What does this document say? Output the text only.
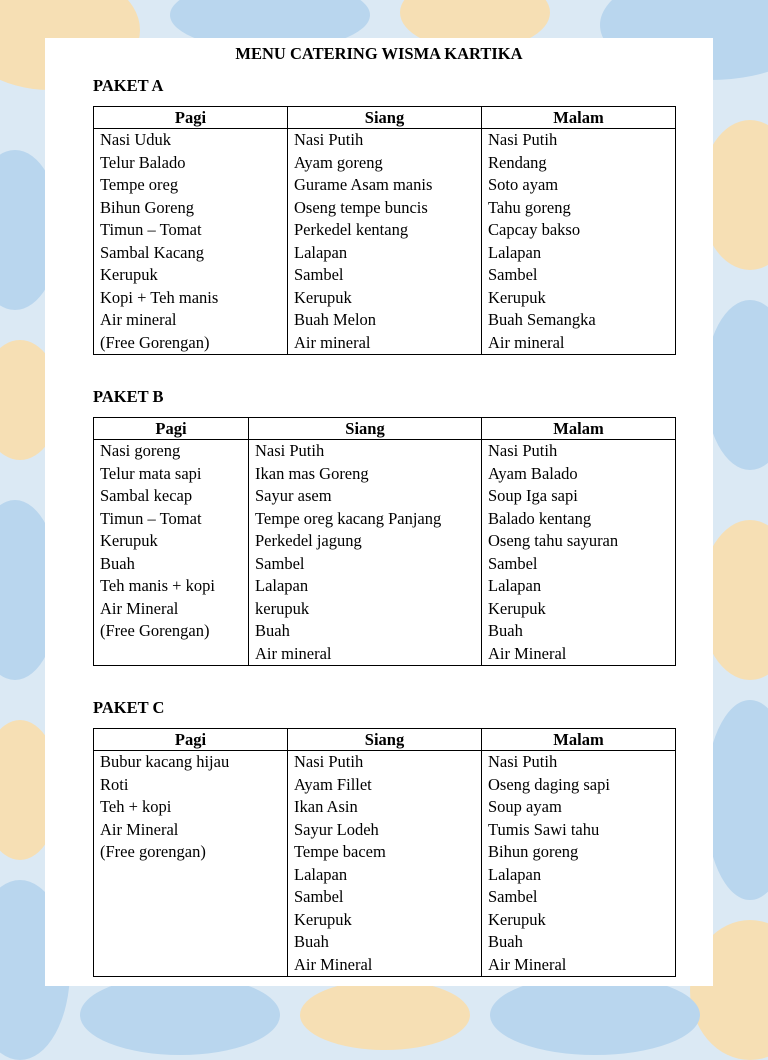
MENU CATERING WISMA KARTIKA
PAKET A
Pagi	Siang	Malam
Nasi Uduk	Nasi Putih	Nasi Putih
Telur Balado	Ayam goreng	Rendang
Tempe oreg	Gurame Asam manis	Soto ayam
Bihun Goreng	Oseng tempe buncis	Tahu goreng
Timun – Tomat	Perkedel kentang	Capcay bakso
Sambal Kacang	Lalapan	Lalapan
Kerupuk	Sambel	Sambel
Kopi + Teh manis	Kerupuk	Kerupuk
Air mineral	Buah Melon	Buah Semangka
(Free Gorengan)	Air mineral	Air mineral
PAKET B
Pagi	Siang	Malam
Nasi goreng	Nasi Putih	Nasi Putih
Telur mata sapi	Ikan mas Goreng	Ayam Balado
Sambal kecap	Sayur asem	Soup Iga sapi
Timun – Tomat	Tempe oreg kacang Panjang	Balado kentang
Kerupuk	Perkedel jagung	Oseng tahu sayuran
Buah	Sambel	Sambel
Teh manis + kopi	Lalapan	Lalapan
Air Mineral	kerupuk	Kerupuk
(Free Gorengan)	Buah	Buah
	Air mineral	Air Mineral
PAKET C
Pagi	Siang	Malam
Bubur kacang hijau	Nasi Putih	Nasi Putih
Roti	Ayam Fillet	Oseng daging sapi
Teh + kopi	Ikan Asin	Soup ayam
Air Mineral	Sayur Lodeh	Tumis Sawi tahu
(Free gorengan)	Tempe bacem	Bihun goreng
	Lalapan	Lalapan
	Sambel	Sambel
	Kerupuk	Kerupuk
	Buah	Buah
	Air Mineral	Air Mineral
